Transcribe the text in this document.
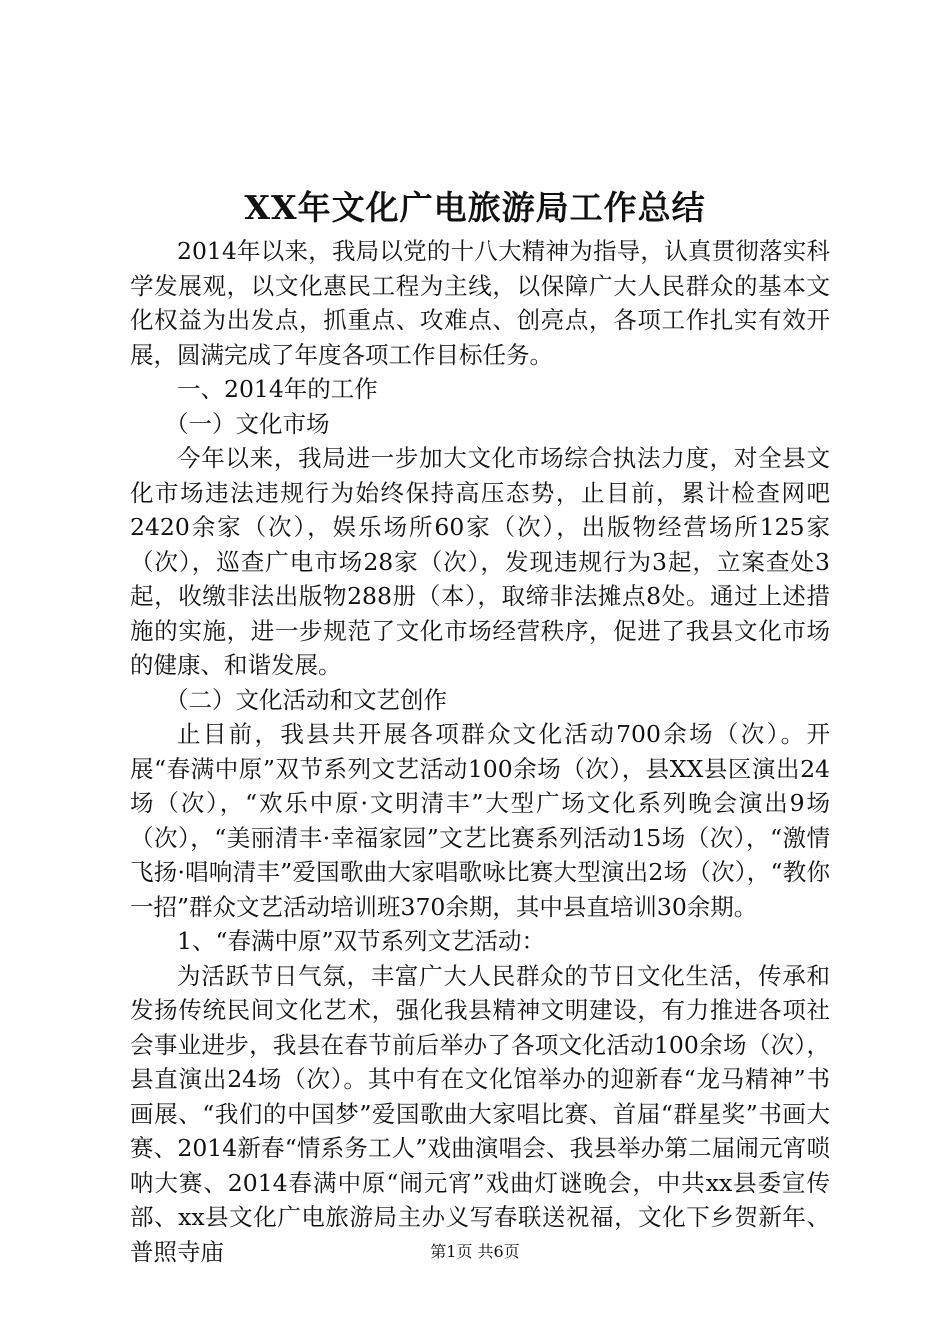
XX年文化广电旅游局工作总结

2014年以来，我局以党的十八大精神为指导，认真贯彻落实科学发展观，以文化惠民工程为主线，以保障广大人民群众的基本文化权益为出发点，抓重点、攻难点、创亮点，各项工作扎实有效开展，圆满完成了年度各项工作目标任务。

一、2014年的工作

（一）文化市场

今年以来，我局进一步加大文化市场综合执法力度，对全县文化市场违法违规行为始终保持高压态势，止目前，累计检查网吧2420余家（次），娱乐场所60家（次），出版物经营场所125家（次），巡查广电市场28家（次），发现违规行为3起，立案查处3起，收缴非法出版物288册（本），取缔非法摊点8处。通过上述措施的实施，进一步规范了文化市场经营秩序，促进了我县文化市场的健康、和谐发展。

（二）文化活动和文艺创作

止目前，我县共开展各项群众文化活动700余场（次）。开展“春满中原”双节系列文艺活动100余场（次），县XX县区演出24场（次），“欢乐中原·文明清丰”大型广场文化系列晚会演出9场（次），“美丽清丰·幸福家园”文艺比赛系列活动15场（次），“激情飞扬·唱响清丰”爱国歌曲大家唱歌咏比赛大型演出2场（次），“教你一招”群众文艺活动培训班370余期，其中县直培训30余期。

1、“春满中原”双节系列文艺活动：

为活跃节日气氛，丰富广大人民群众的节日文化生活，传承和发扬传统民间文化艺术，强化我县精神文明建设，有力推进各项社会事业进步，我县在春节前后举办了各项文化活动100余场（次），县直演出24场（次）。其中有在文化馆举办的迎新春“龙马精神”书画展、“我们的中国梦”爱国歌曲大家唱比赛、首届“群星奖”书画大赛、2014新春“情系务工人”戏曲演唱会、我县举办第二届闹元宵唢呐大赛、2014春满中原“闹元宵”戏曲灯谜晚会，中共xx县委宣传部、xx县文化广电旅游局主办义写春联送祝福，文化下乡贺新年、普照寺庙	第1页 共6页
